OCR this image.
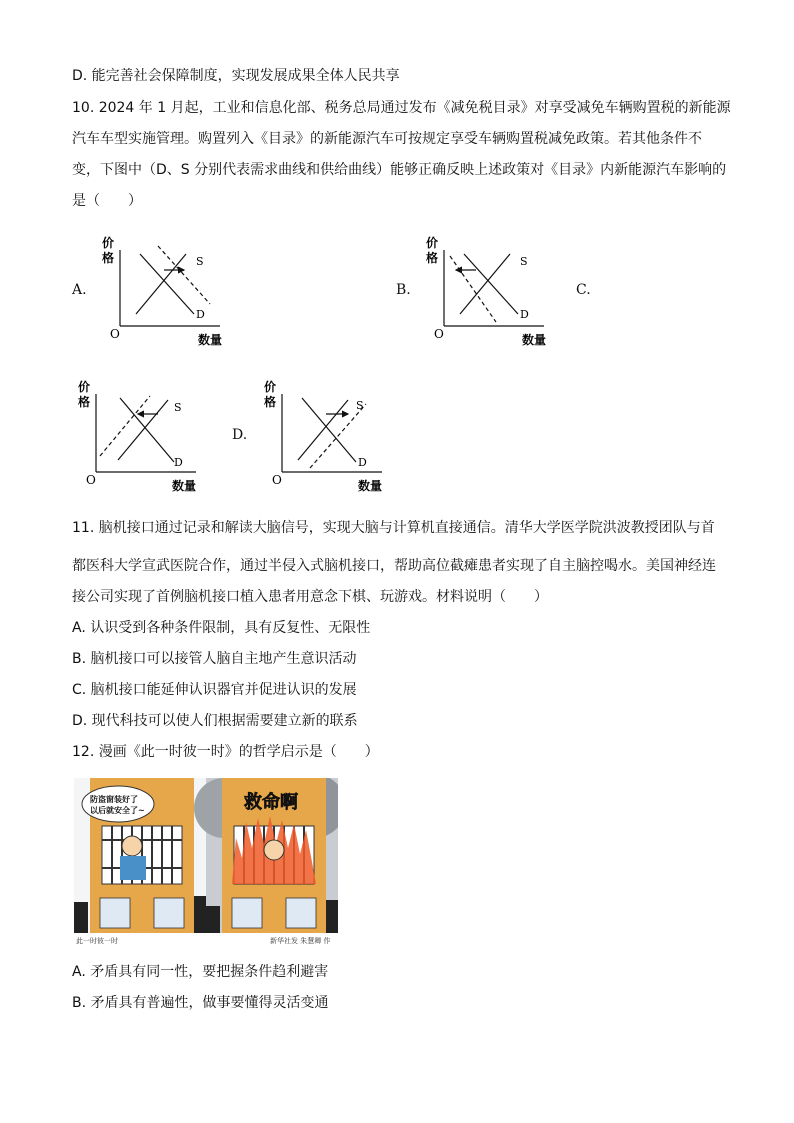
D. 能完善社会保障制度，实现发展成果全体人民共享
10. 2024 年 1 月起，工业和信息化部、税务总局通过发布《减免税目录》对享受减免车辆购置税的新能源
汽车车型实施管理。购置列入《目录》的新能源汽车可按规定享受车辆购置税减免政策。若其他条件不
变，下图中（D、S 分别代表需求曲线和供给曲线）能够正确反映上述政策对《目录》内新能源汽车影响的
是（　　）
A.	B.	C.
D.
价
格
O	数量
S
D
价
格
O	数量
S
D
价
格
O	数量
S
D
价
格
O	数量
S
D
11. 脑机接口通过记录和解读大脑信号，实现大脑与计算机直接通信。清华大学医学院洪波教授团队与首
都医科大学宣武医院合作，通过半侵入式脑机接口，帮助高位截瘫患者实现了自主脑控喝水。美国神经连
接公司实现了首例脑机接口植入患者用意念下棋、玩游戏。材料说明（　　）
A. 认识受到各种条件限制，具有反复性、无限性
B. 脑机接口可以接管人脑自主地产生意识活动
C. 脑机接口能延伸认识器官并促进认识的发展
D. 现代科技可以使人们根据需要建立新的联系
12. 漫画《此一时彼一时》的哲学启示是（　　）
防盗窗装好了
以后就安全了~	救命啊
此一时彼一时	新华社发 朱慧卿 作
A. 矛盾具有同一性，要把握条件趋利避害
B. 矛盾具有普遍性，做事要懂得灵活变通
